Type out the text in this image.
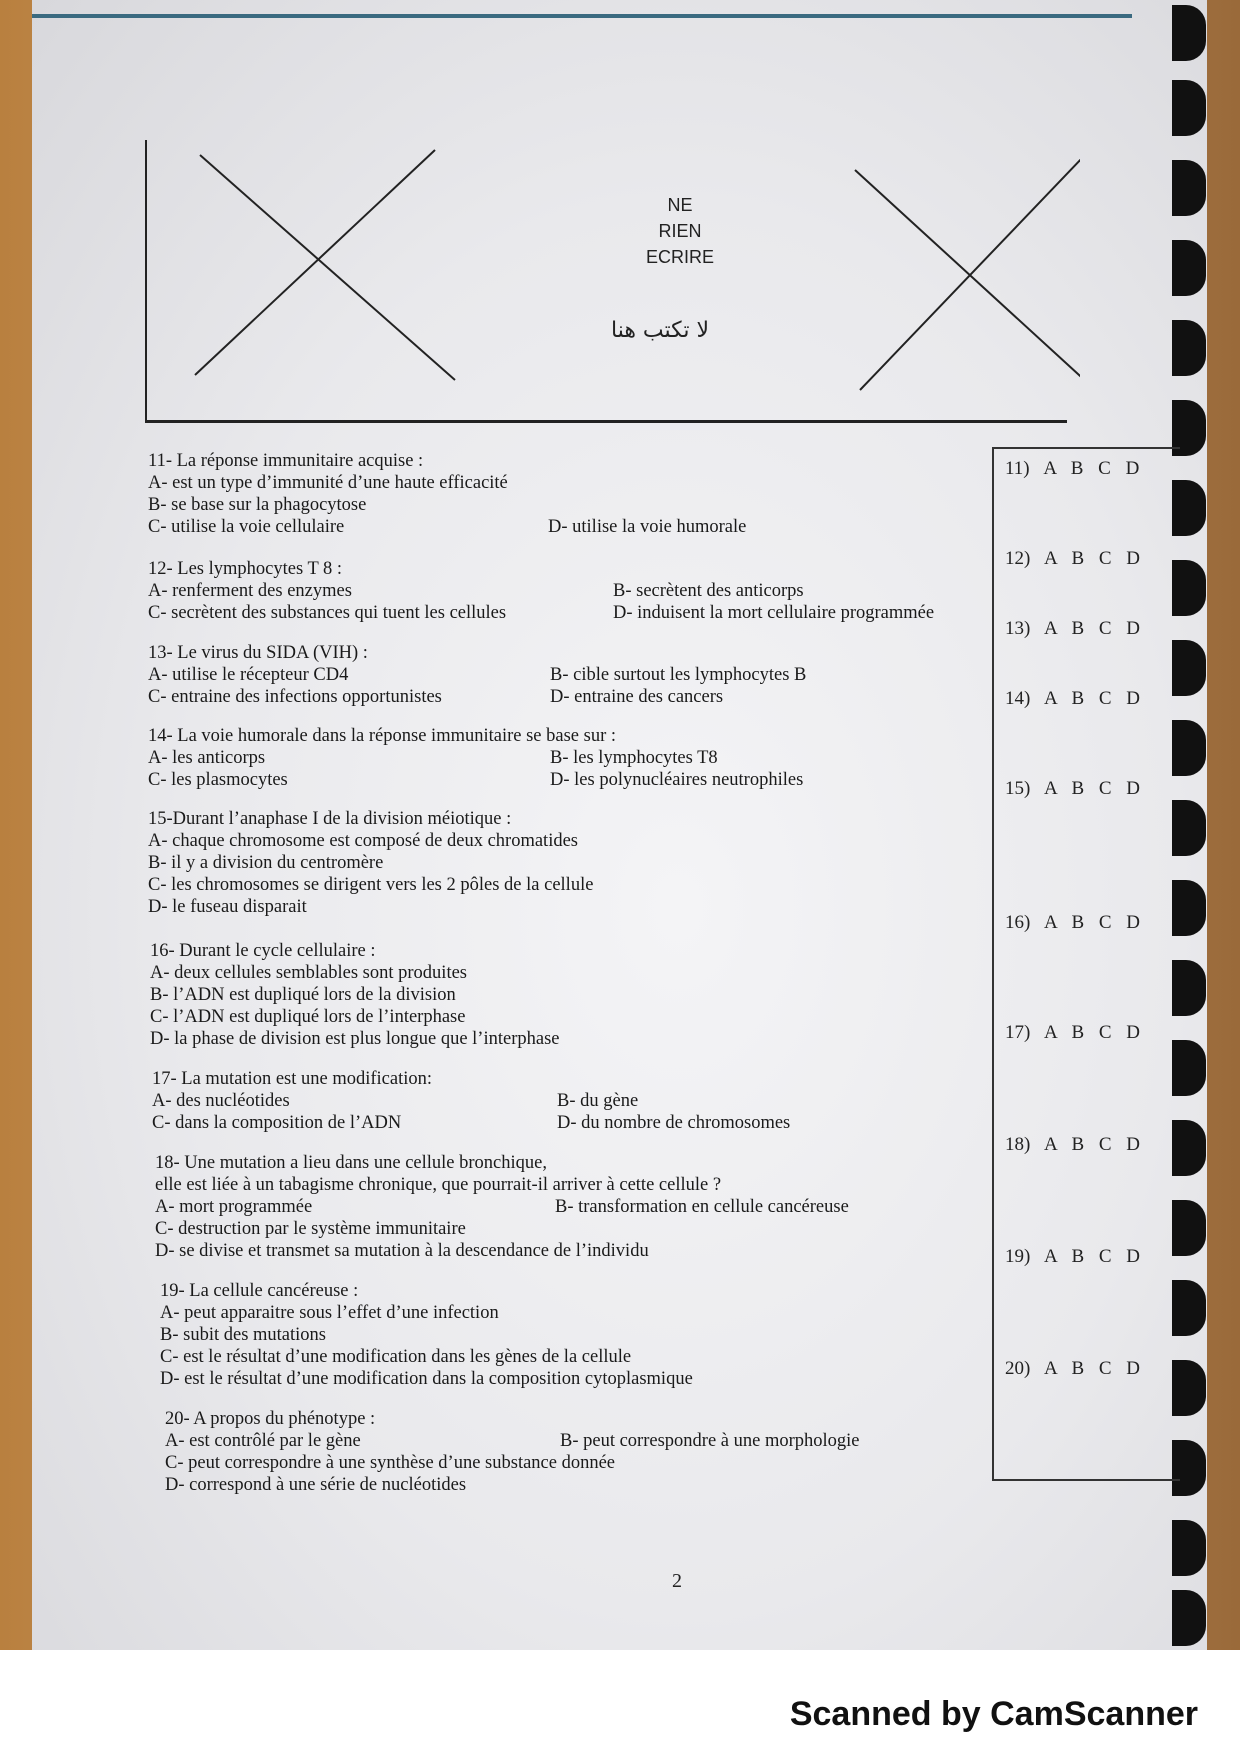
NE
RIEN
ECRIRE
لا تكتب هنا
11- La réponse immunitaire acquise :
A- est un type d’immunité d’une haute efficacité
B- se base sur la phagocytose
C- utilise la voie cellulaire	D- utilise la voie humorale
12- Les lymphocytes T 8 :
A- renferment des enzymes	B- secrètent des anticorps
C- secrètent des substances qui tuent les cellules	D- induisent la mort cellulaire programmée
13- Le virus du SIDA (VIH) :
A- utilise le récepteur CD4	B- cible surtout les lymphocytes B
C- entraine des infections opportunistes	D- entraine des cancers
14- La voie humorale dans la réponse immunitaire se base sur :
A- les anticorps	B- les lymphocytes T8
C- les plasmocytes	D- les polynucléaires neutrophiles
15-Durant l’anaphase I de la division méiotique :
A- chaque chromosome est composé de deux chromatides
B- il y a division du centromère
C- les chromosomes se dirigent vers les 2 pôles de la cellule
D- le fuseau disparait
16- Durant le cycle cellulaire :
A- deux cellules semblables sont produites
B- l’ADN est dupliqué lors de la division
C- l’ADN est dupliqué lors de l’interphase
D- la phase de division est plus longue que l’interphase
17- La mutation est une modification:
A- des nucléotides	B- du gène
C- dans la composition de l’ADN	D- du nombre de chromosomes
18- Une mutation a lieu dans une cellule bronchique,
elle est liée à un tabagisme chronique, que pourrait-il arriver à cette cellule ?
A- mort programmée	B- transformation en cellule cancéreuse
C- destruction par le système immunitaire
D- se divise et transmet sa mutation à la descendance de l’individu
19- La cellule cancéreuse :
A- peut apparaitre sous l’effet d’une infection
B- subit des mutations
C- est le résultat d’une modification dans les gènes de la cellule
D- est le résultat d’une modification dans la composition cytoplasmique
20- A propos du phénotype :
A- est contrôlé par le gène	B- peut correspondre à une morphologie
C- peut correspondre à une synthèse d’une substance donnée
D- correspond à une série de nucléotides
11) A B C D
12) A B C D
13) A B C D
14) A B C D
15) A B C D
16) A B C D
17) A B C D
18) A B C D
19) A B C D
20) A B C D
2
Scanned by CamScanner
